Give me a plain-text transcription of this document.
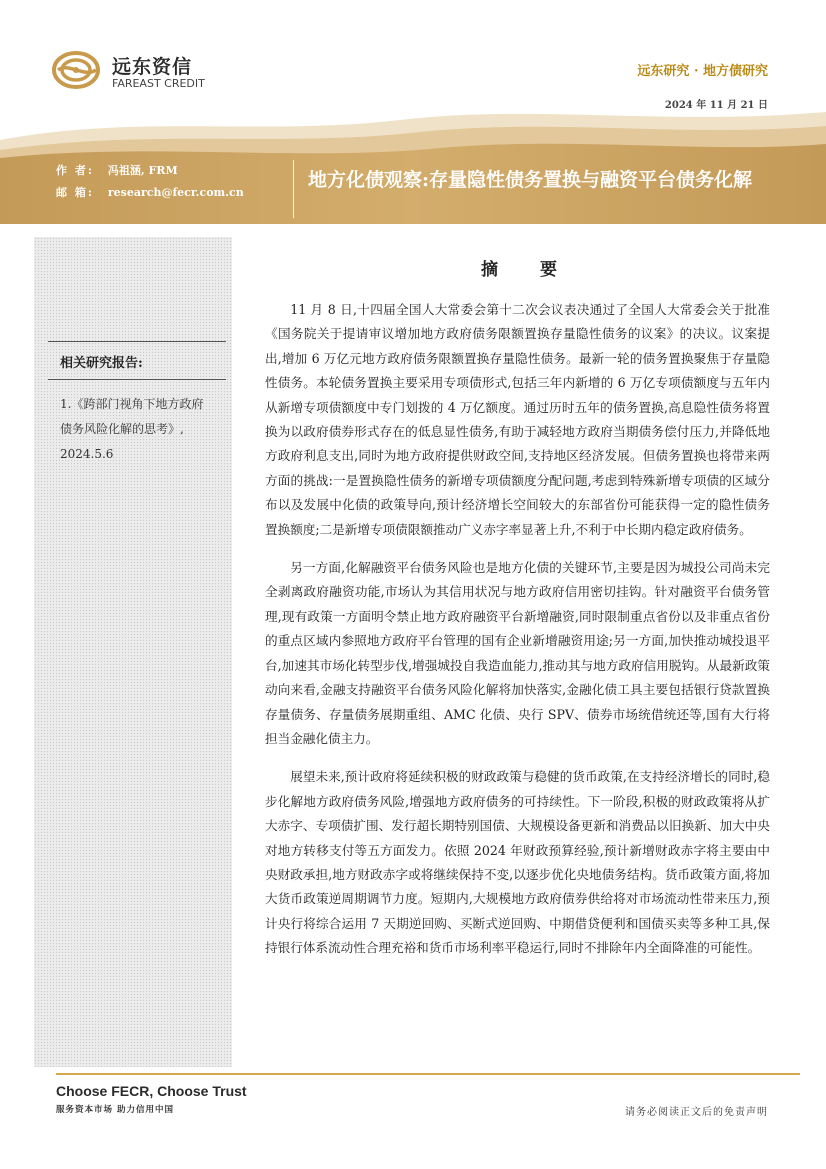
远东资信
FAREAST CREDIT
远东研究 · 地方债研究
2024 年 11 月 21 日
作 者: 冯祖涵, FRM
邮 箱: research@fecr.com.cn
地方化债观察:存量隐性债务置换与融资平台债务化解
相关研究报告:
1.《跨部门视角下地方政府债务风险化解的思考》, 2024.5.6
摘 要

11 月 8 日,十四届全国人大常委会第十二次会议表决通过了全国人大常委会关于批准《国务院关于提请审议增加地方政府债务限额置换存量隐性债务的议案》的决议。议案提出,增加 6 万亿元地方政府债务限额置换存量隐性债务。最新一轮的债务置换聚焦于存量隐性债务。本轮债务置换主要采用专项债形式,包括三年内新增的 6 万亿专项债额度与五年内从新增专项债额度中专门划拨的 4 万亿额度。通过历时五年的债务置换,高息隐性债务将置换为以政府债券形式存在的低息显性债务,有助于减轻地方政府当期债务偿付压力,并降低地方政府利息支出,同时为地方政府提供财政空间,支持地区经济发展。但债务置换也将带来两方面的挑战:一是置换隐性债务的新增专项债额度分配问题,考虑到特殊新增专项债的区域分布以及发展中化债的政策导向,预计经济增长空间较大的东部省份可能获得一定的隐性债务置换额度;二是新增专项债限额推动广义赤字率显著上升,不利于中长期内稳定政府债务。

另一方面,化解融资平台债务风险也是地方化债的关键环节,主要是因为城投公司尚未完全剥离政府融资功能,市场认为其信用状况与地方政府信用密切挂钩。针对融资平台债务管理,现有政策一方面明令禁止地方政府融资平台新增融资,同时限制重点省份以及非重点省份的重点区域内参照地方政府平台管理的国有企业新增融资用途;另一方面,加快推动城投退平台,加速其市场化转型步伐,增强城投自我造血能力,推动其与地方政府信用脱钩。从最新政策动向来看,金融支持融资平台债务风险化解将加快落实,金融化债工具主要包括银行贷款置换存量债务、存量债务展期重组、AMC 化债、央行 SPV、债券市场统借统还等,国有大行将担当金融化债主力。

展望未来,预计政府将延续积极的财政政策与稳健的货币政策,在支持经济增长的同时,稳步化解地方政府债务风险,增强地方政府债务的可持续性。下一阶段,积极的财政政策将从扩大赤字、专项债扩围、发行超长期特别国债、大规模设备更新和消费品以旧换新、加大中央对地方转移支付等五方面发力。依照 2024 年财政预算经验,预计新增财政赤字将主要由中央财政承担,地方财政赤字或将继续保持不变,以逐步优化央地债务结构。货币政策方面,将加大货币政策逆周期调节力度。短期内,大规模地方政府债券供给将对市场流动性带来压力,预计央行将综合运用 7 天期逆回购、买断式逆回购、中期借贷便利和国债买卖等多种工具,保持银行体系流动性合理充裕和货币市场利率平稳运行,同时不排除年内全面降准的可能性。

Choose FECR, Choose Trust
服务资本市场 助力信用中国	请务必阅读正文后的免责声明
